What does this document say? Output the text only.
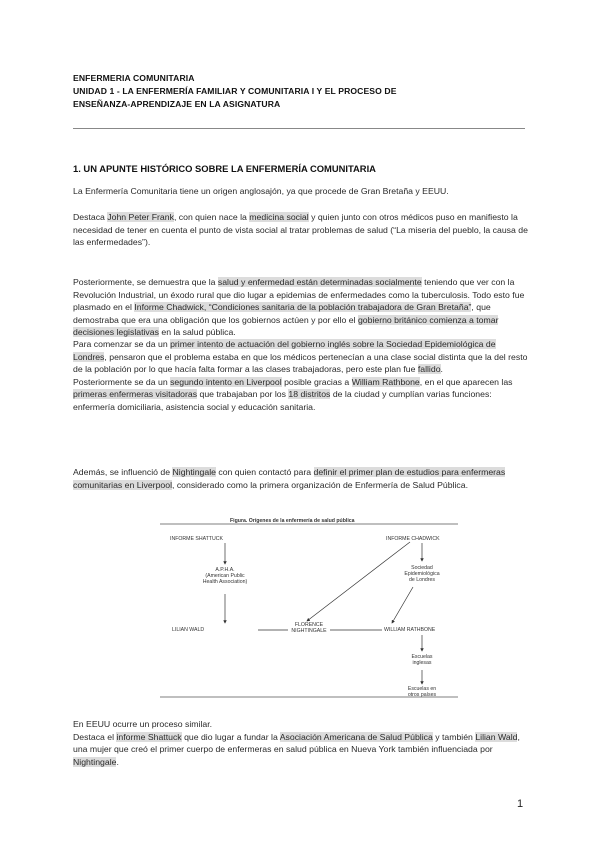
ENFERMERIA COMUNITARIA
UNIDAD 1 - LA ENFERMERÍA FAMILIAR Y COMUNITARIA I Y EL PROCESO DE
ENSEÑANZA-APRENDIZAJE EN LA ASIGNATURA
1. UN APUNTE HISTÓRICO SOBRE LA ENFERMERÍA COMUNITARIA
La Enfermería Comunitaria tiene un origen anglosajón, ya que procede de Gran Bretaña y EEUU.
Destaca John Peter Frank, con quien nace la medicina social y quien junto con otros médicos puso en manifiesto la necesidad de tener en cuenta el punto de vista social al tratar problemas de salud (“La miseria del pueblo, la causa de las enfermedades”).
Posteriormente, se demuestra que la salud y enfermedad están determinadas socialmente teniendo que ver con la Revolución Industrial, un éxodo rural que dio lugar a epidemias de enfermedades como la tuberculosis. Todo esto fue plasmado en el Informe Chadwick, “Condiciones sanitaria de la población trabajadora de Gran Bretaña”, que demostraba que era una obligación que los gobiernos actúen y por ello el gobierno británico comienza a tomar decisiones legislativas en la salud pública.
Para comenzar se da un primer intento de actuación del gobierno inglés sobre la Sociedad Epidemiológica de Londres, pensaron que el problema estaba en que los médicos pertenecían a una clase social distinta que la del resto de la población por lo que hacía falta formar a las clases trabajadoras, pero este plan fue fallido.
Posteriormente se da un segundo intento en Liverpool posible gracias a William Rathbone, en el que aparecen las primeras enfermeras visitadoras que trabajaban por los 18 distritos de la ciudad y cumplían varias funciones: enfermería domiciliaria, asistencia social y educación sanitaria.
Además, se influenció de Nightingale con quien contactó para definir el primer plan de estudios para enfermeras comunitarias en Liverpool, considerado como la primera organización de Enfermería de Salud Pública.
Figura. Orígenes de la enfermería de salud pública
INFORME SHATTUCK	INFORME CHADWICK
A.P.H.A.
(American Public
Health Association)
Sociedad
Epidemiológica
de Londres
LILIAN WALD
FLORENCE
NIGHTINGALE	WILLIAM RATHBONE
Escuelas
inglesas
Escuelas en
otros países
En EEUU ocurre un proceso similar.
Destaca el informe Shattuck que dio lugar a fundar la Asociación Americana de Salud Pública y también Lilian Wald, una mujer que creó el primer cuerpo de enfermeras en salud pública en Nueva York también influenciada por Nightingale.
1
